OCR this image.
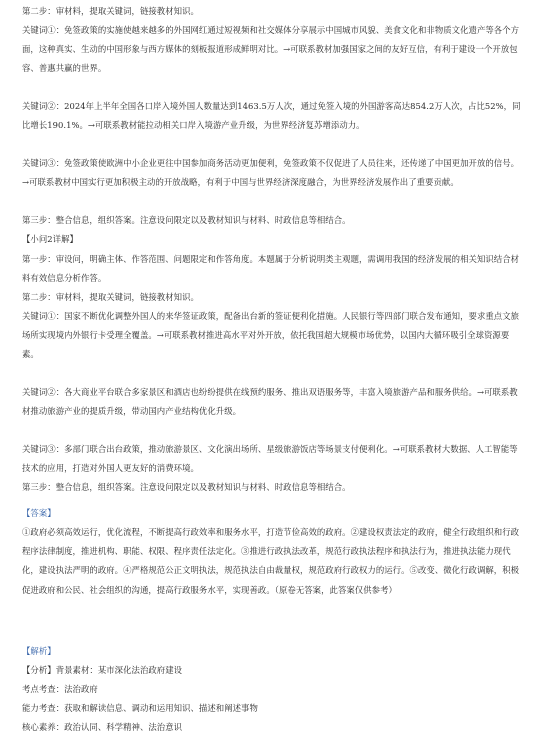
第二步：审材料，提取关键词，链接教材知识。

关键词①：免签政策的实施使越来越多的外国网红通过短视频和社交媒体分享展示中国城市风貌、美食文化和非物质文化遗产等各个方面，这种真实、生动的中国形象与西方媒体的刻板报道形成鲜明对比。→可联系教材加强国家之间的友好互信，有利于建设一个开放包容、普惠共赢的世界。

关键词②：2024年上半年全国各口岸入境外国人数量达到1463.5万人次，通过免签入境的外国游客高达854.2万人次，占比52%，同比增长190.1%。→可联系教材能拉动相关口岸入境游产业升级，为世界经济复苏增添动力。

关键词③：免签政策使欧洲中小企业更往中国参加商务活动更加便利，免签政策不仅促进了人员往来，还传递了中国更加开放的信号。→可联系教材中国实行更加积极主动的开放战略，有利于中国与世界经济深度融合，为世界经济发展作出了重要贡献。

第三步：整合信息，组织答案。注意设问限定以及教材知识与材料、时政信息等相结合。

【小问2详解】

第一步：审设问，明确主体、作答范围、问题限定和作答角度。本题属于分析说明类主观题，需调用我国的经济发展的相关知识结合材料有效信息分析作答。

第二步：审材料，提取关键词，链接教材知识。

关键词①：国家不断优化调整外国人的来华签证政策，配备出台新的签证便利化措施。人民银行等四部门联合发布通知，要求重点文旅场所实现境内外银行卡受理全覆盖。→可联系教材推进高水平对外开放，依托我国超大规模市场优势，以国内大循环吸引全球资源要素。

关键词②：各大商业平台联合多家景区和酒店也纷纷提供在线预约服务、推出双语服务等，丰富入境旅游产品和服务供给。→可联系教材推动旅游产业的提质升级，带动国内产业结构优化升级。

关键词③：多部门联合出台政策，推动旅游景区、文化演出场所、星级旅游饭店等场景支付便利化。→可联系教材大数据、人工智能等技术的应用，打造对外国人更友好的消费环境。

第三步：整合信息，组织答案。注意设问限定以及教材知识与材料、时政信息等相结合。

【答案】

①政府必须高效运行，优化流程，不断提高行政效率和服务水平，打造节俭高效的政府。②建设权责法定的政府，健全行政组织和行政程序法律制度，推进机构、职能、权限、程序责任法定化。③推进行政执法改革，规范行政执法程序和执法行为，推进执法能力现代化，建设执法严明的政府。④严格规范公正文明执法，规范执法自由裁量权，规范政府行政权力的运行。⑤改变、微化行政调解，积极促进政府和公民、社会组织的沟通，提高行政服务水平，实现善政。（原卷无答案，此答案仅供参考）

【解析】

【分析】背景素材：某市深化法治政府建设

考点考查：法治政府

能力考查：获取和解读信息、调动和运用知识、描述和阐述事物

核心素养：政治认同、科学精神、法治意识
